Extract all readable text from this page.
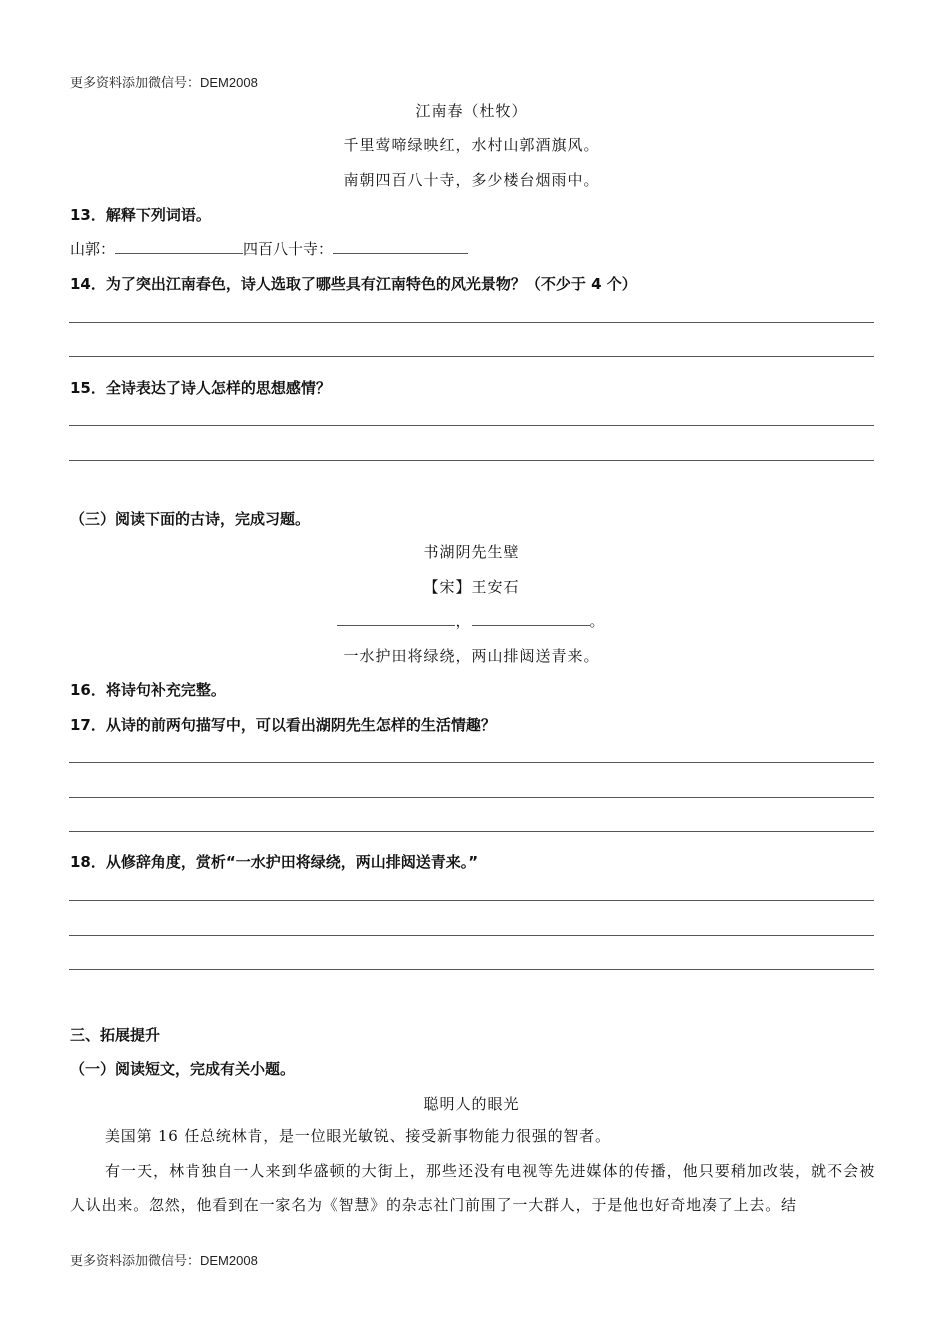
更多资料添加微信号：DEM2008
江南春（杜牧）
千里莺啼绿映红，水村山郭酒旗风。
南朝四百八十寺，多少楼台烟雨中。
13．解释下列词语。
山郭：	四百八十寺：
14．为了突出江南春色，诗人选取了哪些具有江南特色的风光景物？（不少于 4 个）
15．全诗表达了诗人怎样的思想感情？
（三）阅读下面的古诗，完成习题。
书湖阴先生壁
【宋】王安石
，	。
一水护田将绿绕，两山排闼送青来。
16．将诗句补充完整。
17．从诗的前两句描写中，可以看出湖阴先生怎样的生活情趣？
18．从修辞角度，赏析“一水护田将绿绕，两山排闼送青来。”
三、拓展提升
（一）阅读短文，完成有关小题。
聪明人的眼光
美国第 16 任总统林肯，是一位眼光敏锐、接受新事物能力很强的智者。
有一天，林肯独自一人来到华盛顿的大街上，那些还没有电视等先进媒体的传播，他只要稍加改装，就不会被人认出来。忽然，他看到在一家名为《智慧》的杂志社门前围了一大群人，于是他也好奇地凑了上去。结
更多资料添加微信号：DEM2008
